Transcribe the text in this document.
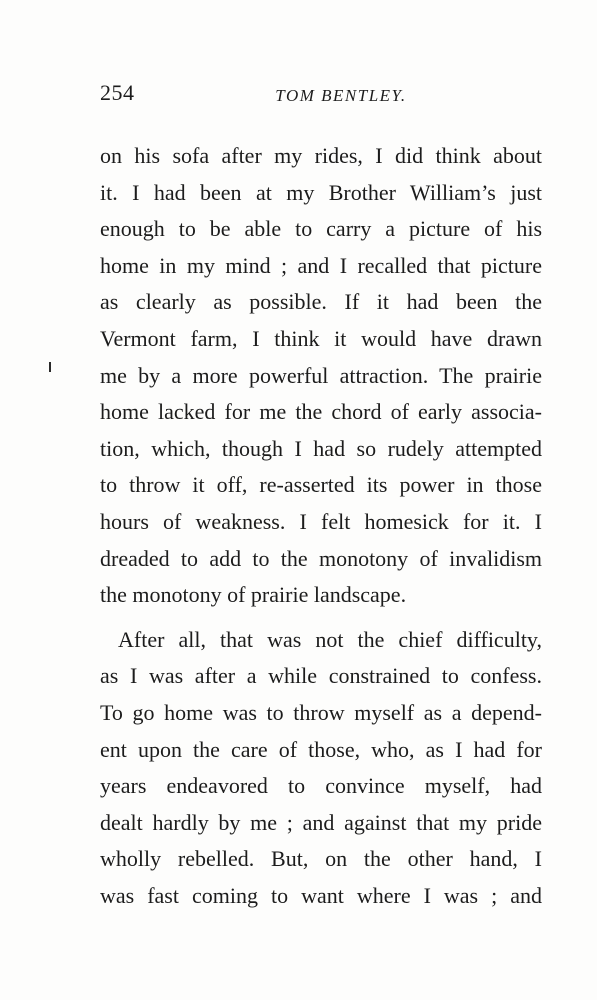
254	TOM BENTLEY.
on his sofa after my rides, I did think about
it. I had been at my Brother William’s just
enough to be able to carry a picture of his
home in my mind ; and I recalled that picture
as clearly as possible. If it had been the
Vermont farm, I think it would have drawn
me by a more powerful attraction. The prairie
home lacked for me the chord of early associa-
tion, which, though I had so rudely attempted
to throw it off, re-asserted its power in those
hours of weakness. I felt homesick for it. I
dreaded to add to the monotony of invalidism
the monotony of prairie landscape.
After all, that was not the chief difficulty,
as I was after a while constrained to confess.
To go home was to throw myself as a depend-
ent upon the care of those, who, as I had for
years endeavored to convince myself, had
dealt hardly by me ; and against that my pride
wholly rebelled. But, on the other hand, I
was fast coming to want where I was ; and
